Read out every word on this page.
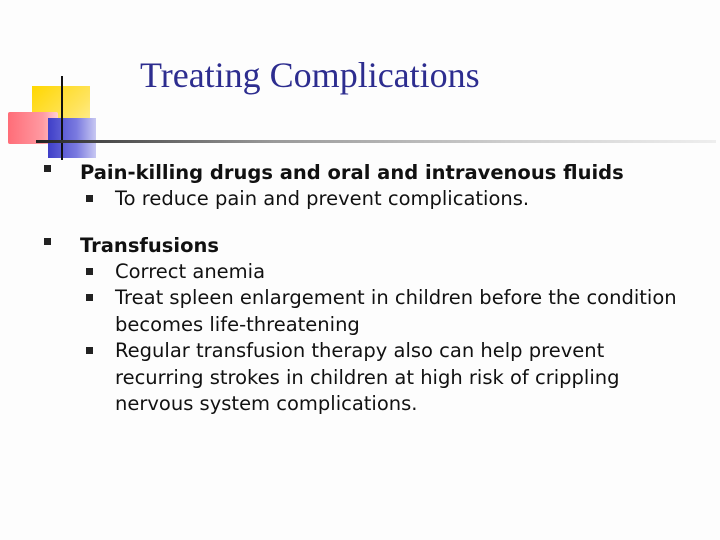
Treating Complications
Pain-killing drugs and oral and intravenous fluids
To reduce pain and prevent complications.
Transfusions
Correct anemia
Treat spleen enlargement in children before the condition becomes life-threatening
Regular transfusion therapy also can help prevent recurring strokes in children at high risk of crippling nervous system complications.
